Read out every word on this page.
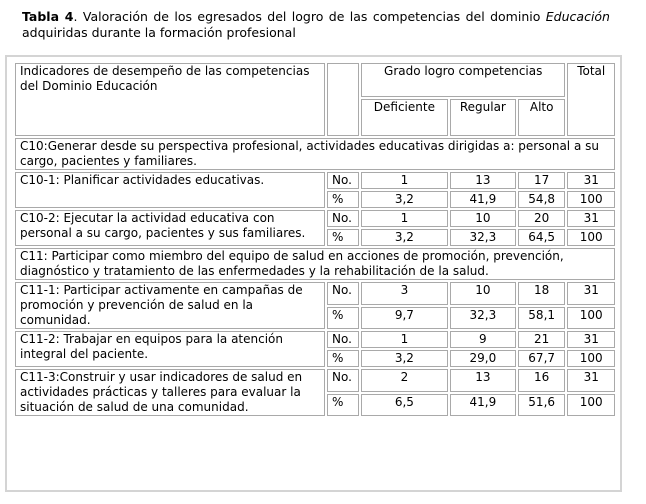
Tabla 4. Valoración de los egresados del logro de las competencias del dominio Educación adquiridas durante la formación profesional
Indicadores de desempeño de las competencias del Dominio Educación		Grado logro competencias			Total
		Deficiente	Regular	Alto	
C10:Generar desde su perspectiva profesional, actividades educativas dirigidas a: personal a su cargo, pacientes y familiares.					
C10-1: Planificar actividades educativas.	No.	1	13	17	31
	%	3,2	41,9	54,8	100
C10-2: Ejecutar la actividad educativa con personal a su cargo, pacientes y sus familiares.	No.	1	10	20	31
	%	3,2	32,3	64,5	100
C11: Participar como miembro del equipo de salud en acciones de promoción, prevención, diagnóstico y tratamiento de las enfermedades y la rehabilitación de la salud.					
C11-1: Participar activamente en campañas de promoción y prevención de salud en la comunidad.	No.	3	10	18	31
	%	9,7	32,3	58,1	100
C11-2: Trabajar en equipos para la atención integral del paciente.	No.	1	9	21	31
	%	3,2	29,0	67,7	100
C11-3:Construir y usar indicadores de salud en actividades prácticas y talleres para evaluar la situación de salud de una comunidad.	No.	2	13	16	31
	%	6,5	41,9	51,6	100
